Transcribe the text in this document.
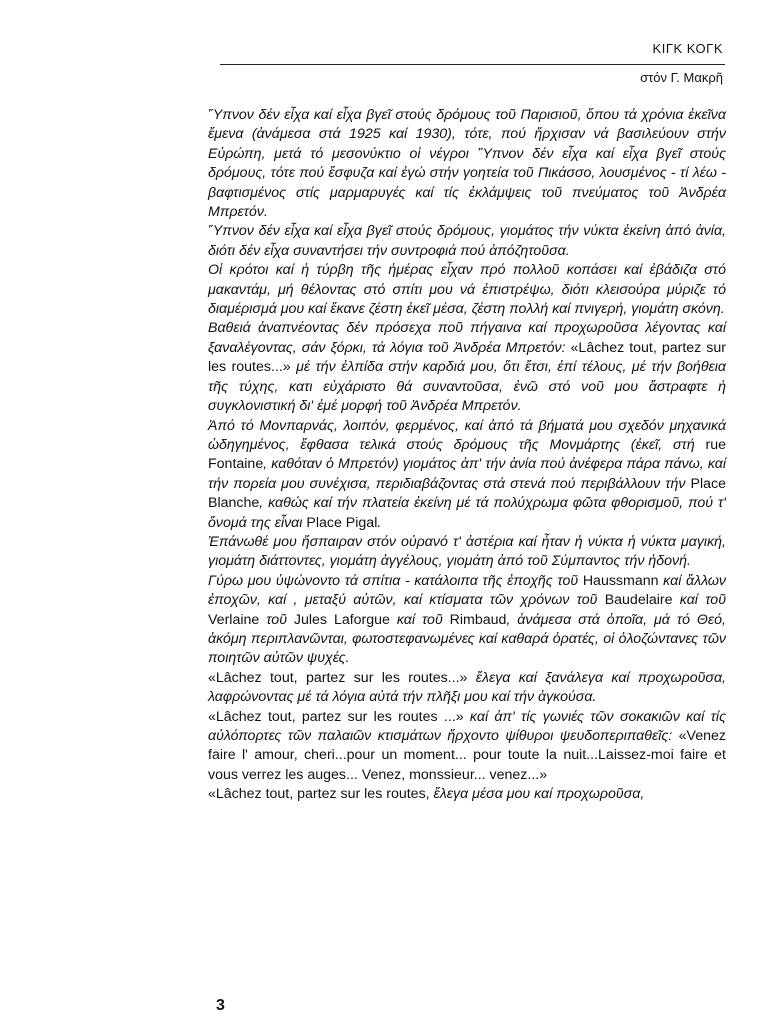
ΚΙΓΚ ΚΟΓΚ
στόν Γ. Μακρῆ

Ὕπνον δέν εἶχα καί εἶχα βγεῖ στούς δρόμους τοῦ Παρισιοῦ, ὅπου τά χρόνια ἐκεῖνα ἔμενα (ἀνάμεσα στά 1925 καί 1930), τότε, πού ἤρχισαν νά βασιλεύουν στήν Εὐρώπη, μετά τό μεσονύκτιο οἱ νέγροι Ὕπνον δέν εἶχα καί εἶχα βγεῖ στούς δρόμους, τότε πού ἔσφυζα καί ἐγώ στήν γοητεία τοῦ Πικάσσο, λουσμένος - τί λέω - βαφτισμένος στίς μαρμαρυγές καί τίς ἐκλάμψεις τοῦ πνεύματος τοῦ Ἀνδρέα Μπρετόν.

Ὕπνον δέν εἶχα καί εἶχα βγεῖ στούς δρόμους, γιομάτος τήν νύκτα ἐκείνη ἀπό ἀνία, διότι δέν εἶχα συναντήσει τήν συντροφιά πού ἀπόζητοῦσα.

Οἱ κρότοι καί ἡ τύρβη τῆς ἡμέρας εἶχαν πρό πολλοῦ κοπάσει καί ἐβάδιζα στό μακαντάμ, μή θέλοντας στό σπίτι μου νά ἐπιστρέψω, διότι κλεισούρα μύριζε τό διαμέρισμά μου καί ἔκανε ζέστη ἐκεῖ μέσα, ζέστη πολλή καί πνιγερή, γιομάτη σκόνη.

Βαθειά ἀναπνέοντας δέν πρόσεχα ποῦ πήγαινα καί προχωροῦσα λέγοντας καί ξαναλέγοντας, σάν ξόρκι, τά λόγια τοῦ Ἀνδρέα Μπρετόν: «Lâchez tout, partez sur les routes...» μέ τήν ἐλπίδα στήν καρδιά μου, ὅτι ἔτσι, ἐπί τέλους, μέ τήν βοήθεια τῆς τύχης, κατι εὐχάριστο θά συναντοῦσα, ἐνῶ στό νοῦ μου ἄστραφτε ἡ συγκλονιστική δι' ἐμέ μορφή τοῦ Ἀνδρέα Μπρετόν.

Ἀπό τό Μονπαρνάς, λοιπόν, φερμένος, καί ἀπό τά βήματά μου σχεδόν μηχανικά ὡδηγημένος, ἔφθασα τελικά στούς δρόμους τῆς Μονμάρτης (ἐκεῖ, στή rue Fontaine, καθόταν ὁ Μπρετόν) γιομάτος ἀπ' τήν ἀνία πού ἀνέφερα πάρα πάνω, καί τήν πορεία μου συνέχισα, περιδιαβάζοντας στά στενά πού περιβάλλουν τήν Place Blanche, καθώς καί τήν πλατεία ἐκείνη μέ τά πολύχρωμα φῶτα φθορισμοῦ, πού τ' ὄνομά της εἶναι Place Pigal.

Ἐπάνωθέ μου ἤσπαιραν στόν οὐρανό τ' ἀστέρια καί ἦταν ἡ νύκτα ἡ νύκτα μαγική, γιομάτη διάττοντες, γιομάτη ἀγγέλους, γιομάτη ἀπό τοῦ Σύμπαντος τήν ἡδονή.

Γύρω μου ὑψώνοντο τά σπίτια - κατάλοιπα τῆς ἐποχῆς τοῦ Haussmann καί ἄλλων ἐποχῶν, καί , μεταξύ αὐτῶν, καί κτίσματα τῶν χρόνων τοῦ Baudelaire καί τοῦ Verlaine τοῦ Jules Laforgue καί τοῦ Rimbaud, ἀνάμεσα στά ὁποῖα, μά τό Θεό, ἀκόμη περιπλανῶνται, φωτοστεφανωμένες καί καθαρά ὁρατές, οἱ ὁλοζώντανες τῶν ποιητῶν αὐτῶν ψυχές.

«Lâchez tout, partez sur les routes...» ἔλεγα καί ξανάλεγα καί προχωροῦσα, λαφρώνοντας μέ τά λόγια αὐτά τήν πλῆξι μου καί τήν ἀγκούσα.

«Lâchez tout, partez sur les routes ...» καί ἀπ' τίς γωνιές τῶν σοκακιῶν καί τίς αὐλόπορτες τῶν παλαιῶν κτισμάτων ἤρχοντο ψίθυροι ψευδοπεριπαθεῖς: «Venez faire l' amour, cheri...pour un moment... pour toute la nuit...Laissez-moi faire et vous verrez les auges... Venez, monssieur... venez...»

«Lâchez tout, partez sur les routes, ἔλεγα μέσα μου καί προχωροῦσα,

3
